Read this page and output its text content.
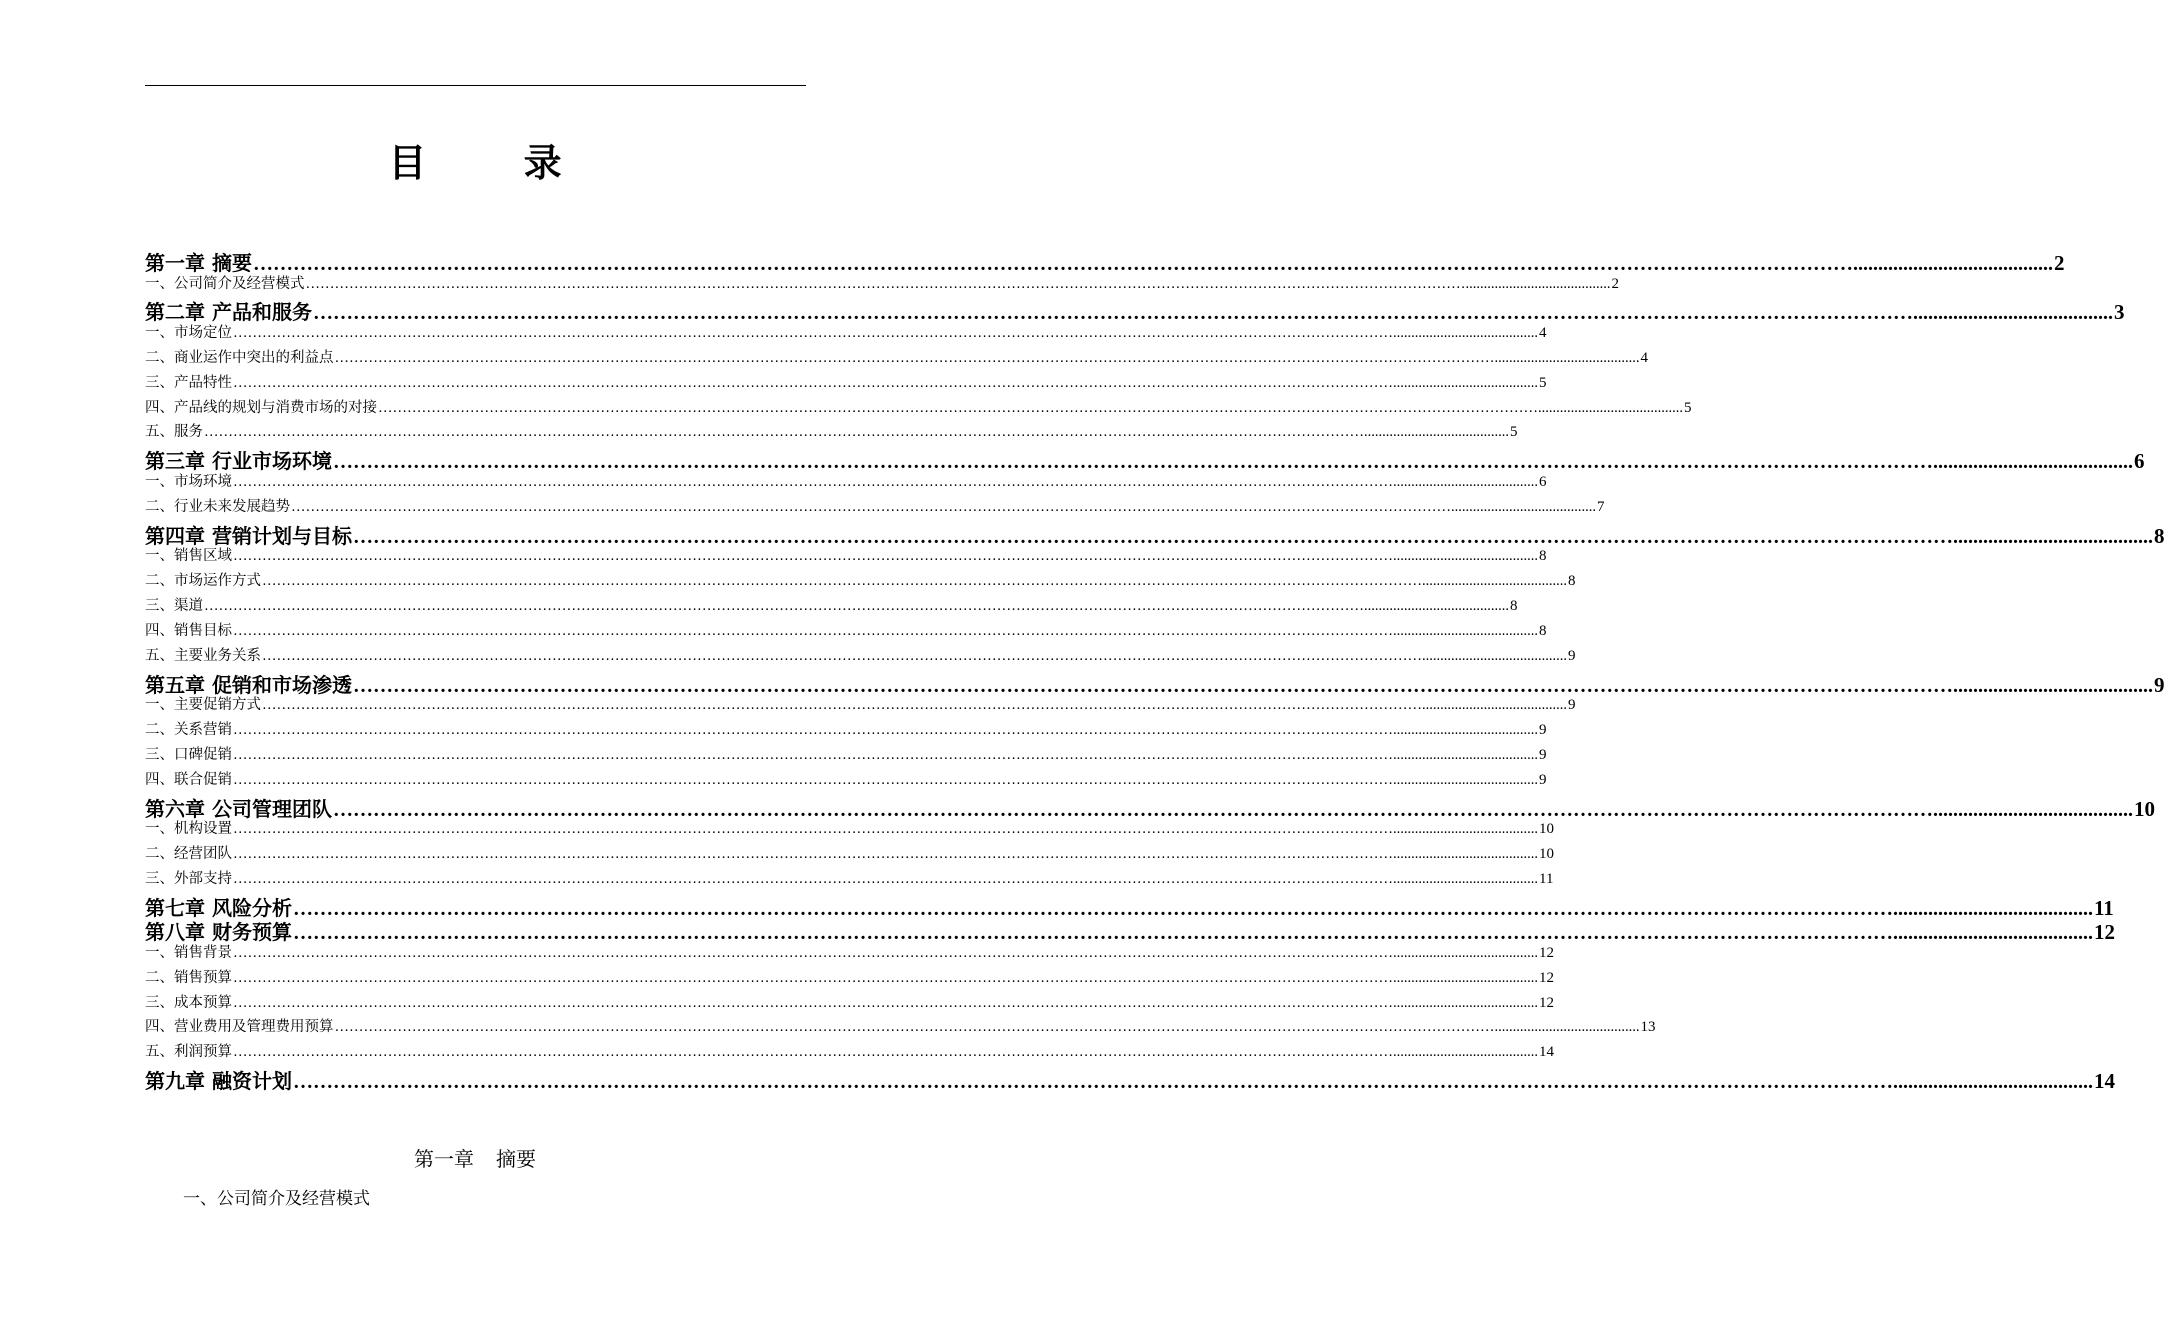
目 录
第一章 摘要 ……………………………………………………………………………………………………………………………………………………………………………………………………………………........................................ 2
一、公司简介及经营模式 ……………………………………………………………………………………………………………………………………………………………………………………………………………………........................................ 2
第二章 产品和服务 ……………………………………………………………………………………………………………………………………………………………………………………………………………………........................................ 3
一、市场定位 ……………………………………………………………………………………………………………………………………………………………………………………………………………………........................................ 4
二、商业运作中突出的利益点 ……………………………………………………………………………………………………………………………………………………………………………………………………………………........................................ 4
三、产品特性 ……………………………………………………………………………………………………………………………………………………………………………………………………………………........................................ 5
四、产品线的规划与消费市场的对接 ……………………………………………………………………………………………………………………………………………………………………………………………………………………........................................ 5
五、服务 ……………………………………………………………………………………………………………………………………………………………………………………………………………………........................................ 5
第三章 行业市场环境 ……………………………………………………………………………………………………………………………………………………………………………………………………………………........................................ 6
一、市场环境 ……………………………………………………………………………………………………………………………………………………………………………………………………………………........................................ 6
二、行业未来发展趋势 ……………………………………………………………………………………………………………………………………………………………………………………………………………………........................................ 7
第四章 营销计划与目标 ……………………………………………………………………………………………………………………………………………………………………………………………………………………........................................ 8
一、销售区域 ……………………………………………………………………………………………………………………………………………………………………………………………………………………........................................ 8
二、市场运作方式 ……………………………………………………………………………………………………………………………………………………………………………………………………………………........................................ 8
三、渠道 ……………………………………………………………………………………………………………………………………………………………………………………………………………………........................................ 8
四、销售目标 ……………………………………………………………………………………………………………………………………………………………………………………………………………………........................................ 8
五、主要业务关系 ……………………………………………………………………………………………………………………………………………………………………………………………………………………........................................ 9
第五章 促销和市场渗透 ……………………………………………………………………………………………………………………………………………………………………………………………………………………........................................ 9
一、主要促销方式 ……………………………………………………………………………………………………………………………………………………………………………………………………………………........................................ 9
二、关系营销 ……………………………………………………………………………………………………………………………………………………………………………………………………………………........................................ 9
三、口碑促销 ……………………………………………………………………………………………………………………………………………………………………………………………………………………........................................ 9
四、联合促销 ……………………………………………………………………………………………………………………………………………………………………………………………………………………........................................ 9
第六章 公司管理团队 ……………………………………………………………………………………………………………………………………………………………………………………………………………………........................................ 10
一、机构设置 ……………………………………………………………………………………………………………………………………………………………………………………………………………………........................................ 10
二、经营团队 ……………………………………………………………………………………………………………………………………………………………………………………………………………………........................................ 10
三、外部支持 ……………………………………………………………………………………………………………………………………………………………………………………………………………………........................................ 11
第七章 风险分析 ……………………………………………………………………………………………………………………………………………………………………………………………………………………........................................ 11
第八章 财务预算 ……………………………………………………………………………………………………………………………………………………………………………………………………………………........................................ 12
一、销售背景 ……………………………………………………………………………………………………………………………………………………………………………………………………………………........................................ 12
二、销售预算 ……………………………………………………………………………………………………………………………………………………………………………………………………………………........................................ 12
三、成本预算 ……………………………………………………………………………………………………………………………………………………………………………………………………………………........................................ 12
四、营业费用及管理费用预算 ……………………………………………………………………………………………………………………………………………………………………………………………………………………........................................ 13
五、利润预算 ……………………………………………………………………………………………………………………………………………………………………………………………………………………........................................ 14
第九章 融资计划 ……………………………………………………………………………………………………………………………………………………………………………………………………………………........................................ 14
第一章 摘要
一、公司简介及经营模式
